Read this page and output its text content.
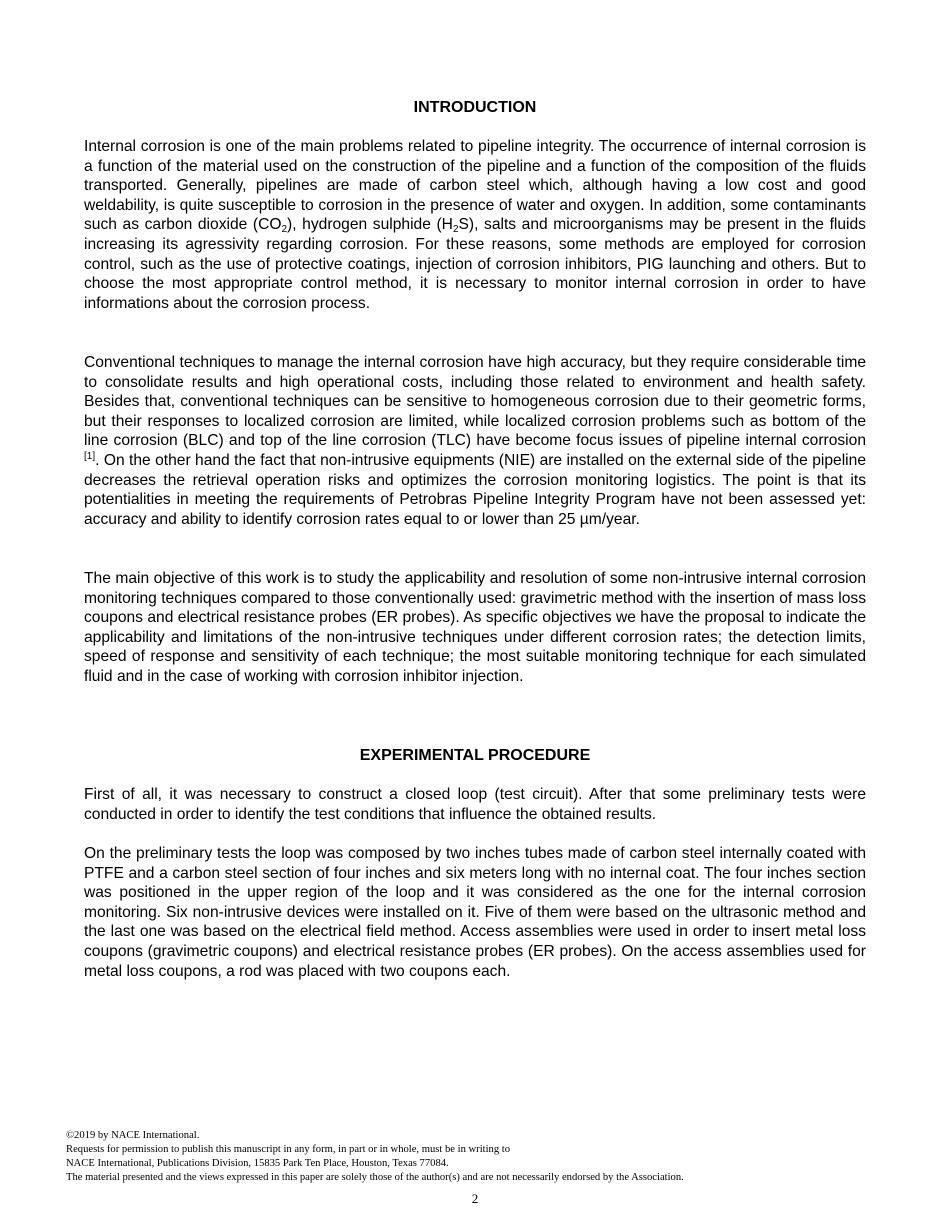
INTRODUCTION

Internal corrosion is one of the main problems related to pipeline integrity. The occurrence of internal corrosion is a function of the material used on the construction of the pipeline and a function of the composition of the fluids transported. Generally, pipelines are made of carbon steel which, although having a low cost and good weldability, is quite susceptible to corrosion in the presence of water and oxygen. In addition, some contaminants such as carbon dioxide $(CO_2)$, hydrogen sulphide $(H_2S)$, salts and microorganisms may be present in the fluids increasing its agressivity regarding corrosion. For these reasons, some methods are employed for corrosion control, such as the use of protective coatings, injection of corrosion inhibitors, PIG launching and others. But to choose the most appropriate control method, it is necessary to monitor internal corrosion in order to have informations about the corrosion process.

Conventional techniques to manage the internal corrosion have high accuracy, but they require considerable time to consolidate results and high operational costs, including those related to environment and health safety. Besides that, conventional techniques can be sensitive to homogeneous corrosion due to their geometric forms, but their responses to localized corrosion are limited, while localized corrosion problems such as bottom of the line corrosion (BLC) and top of the line corrosion (TLC) have become focus issues of pipeline internal corrosion [1]. On the other hand the fact that non-intrusive equipments (NIE) are installed on the external side of the pipeline decreases the retrieval operation risks and optimizes the corrosion monitoring logistics. The point is that its potentialities in meeting the requirements of Petrobras Pipeline Integrity Program have not been assessed yet: accuracy and ability to identify corrosion rates equal to or lower than 25 µm/year.

The main objective of this work is to study the applicability and resolution of some non-intrusive internal corrosion monitoring techniques compared to those conventionally used: gravimetric method with the insertion of mass loss coupons and electrical resistance probes (ER probes). As specific objectives we have the proposal to indicate the applicability and limitations of the non-intrusive techniques under different corrosion rates; the detection limits, speed of response and sensitivity of each technique; the most suitable monitoring technique for each simulated fluid and in the case of working with corrosion inhibitor injection.

EXPERIMENTAL PROCEDURE

First of all, it was necessary to construct a closed loop (test circuit). After that some preliminary tests were conducted in order to identify the test conditions that influence the obtained results.

On the preliminary tests the loop was composed by two inches tubes made of carbon steel internally coated with PTFE and a carbon steel section of four inches and six meters long with no internal coat. The four inches section was positioned in the upper region of the loop and it was considered as the one for the internal corrosion monitoring. Six non-intrusive devices were installed on it. Five of them were based on the ultrasonic method and the last one was based on the electrical field method. Access assemblies were used in order to insert metal loss coupons (gravimetric coupons) and electrical resistance probes (ER probes). On the access assemblies used for metal loss coupons, a rod was placed with two coupons each.

©2019 by NACE International.
Requests for permission to publish this manuscript in any form, in part or in whole, must be in writing to
NACE International, Publications Division, 15835 Park Ten Place, Houston, Texas 77084.
The material presented and the views expressed in this paper are solely those of the author(s) and are not necessarily endorsed by the Association.
2
